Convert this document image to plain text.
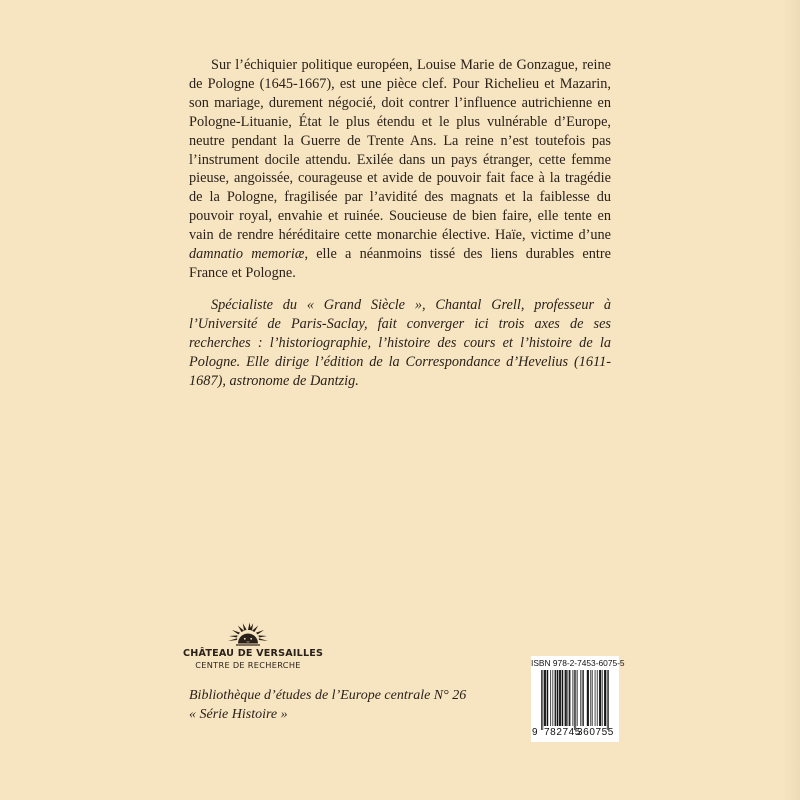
Sur l’échiquier politique européen, Louise Marie de Gonzague, reine de Pologne (1645-1667), est une pièce clef. Pour Richelieu et Mazarin, son mariage, durement négocié, doit contrer l’influence autrichienne en Pologne-Lituanie, État le plus étendu et le plus vulnérable d’Europe, neutre pendant la Guerre de Trente Ans. La reine n’est toutefois pas l’instrument docile attendu. Exilée dans un pays étranger, cette femme pieuse, angoissée, courageuse et avide de pouvoir fait face à la tragédie de la Pologne, fragilisée par l’avidité des magnats et la faiblesse du pouvoir royal, envahie et ruinée. Soucieuse de bien faire, elle tente en vain de rendre héréditaire cette monarchie élective. Haïe, victime d’une damnatio memoriæ, elle a néanmoins tissé des liens durables entre France et Pologne.

Spécialiste du « Grand Siècle », Chantal Grell, professeur à l’Université de Paris-Saclay, fait converger ici trois axes de ses recherches : l’historiographie, l’histoire des cours et l’histoire de la Pologne. Elle dirige l’édition de la Correspondance d’Hevelius (1611-1687), astronome de Dantzig.

CHÂTEAU DE VERSAILLES
CENTRE DE RECHERCHE
Bibliothèque d’études de l’Europe centrale N° 26
« Série Histoire »
ISBN 978-2-7453-6075-5
9 782745
360755
